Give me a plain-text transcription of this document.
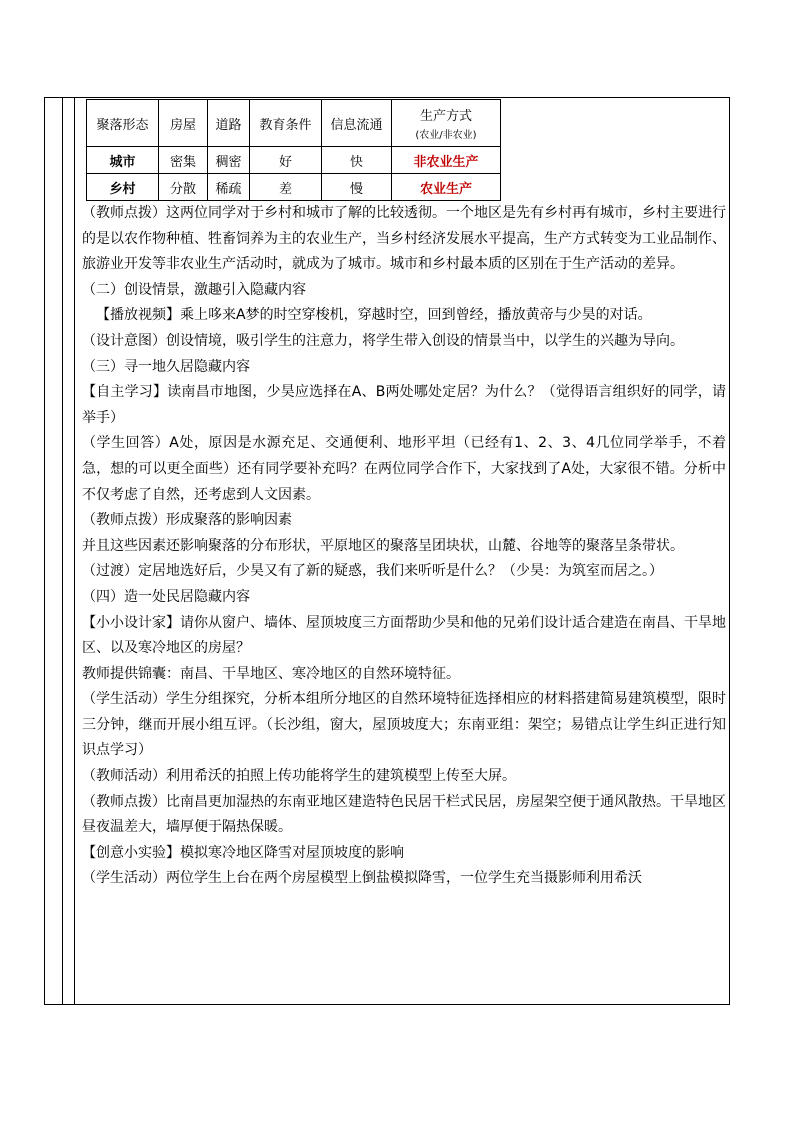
聚落形态	房屋	道路	教育条件	信息流通	生产方式
(农业/非农业)

城市	密集	稠密	好	快	非农业生产
乡村	分散	稀疏	差	慢	农业生产

（教师点拨）这两位同学对于乡村和城市了解的比较透彻。一个地区是先有乡村再有城市，乡村主要进行的是以农作物种植、牲畜饲养为主的农业生产，当乡村经济发展水平提高，生产方式转变为工业品制作、旅游业开发等非农业生产活动时，就成为了城市。城市和乡村最本质的区别在于生产活动的差异。

（二）创设情景，激趣引入隐藏内容

【播放视频】乘上哆来A梦的时空穿梭机，穿越时空，回到曾经，播放黄帝与少昊的对话。

（设计意图）创设情境，吸引学生的注意力，将学生带入创设的情景当中，以学生的兴趣为导向。

（三）寻一地久居隐藏内容

【自主学习】读南昌市地图，少昊应选择在A、B两处哪处定居？为什么？（觉得语言组织好的同学，请举手）

（学生回答）A处，原因是水源充足、交通便利、地形平坦（已经有1、2、3、4几位同学举手，不着急，想的可以更全面些）还有同学要补充吗？在两位同学合作下，大家找到了A处，大家很不错。分析中不仅考虑了自然，还考虑到人文因素。

（教师点拨）形成聚落的影响因素

并且这些因素还影响聚落的分布形状，平原地区的聚落呈团块状，山麓、谷地等的聚落呈条带状。

（过渡）定居地选好后，少昊又有了新的疑惑，我们来听听是什么？（少昊：为筑室而居之。）

（四）造一处民居隐藏内容

【小小设计家】请你从窗户、墙体、屋顶坡度三方面帮助少昊和他的兄弟们设计适合建造在南昌、干旱地区、以及寒冷地区的房屋？

教师提供锦囊：南昌、干旱地区、寒冷地区的自然环境特征。

（学生活动）学生分组探究，分析本组所分地区的自然环境特征选择相应的材料搭建简易建筑模型，限时三分钟，继而开展小组互评。（长沙组，窗大，屋顶坡度大；东南亚组：架空；易错点让学生纠正进行知识点学习）

（教师活动）利用希沃的拍照上传功能将学生的建筑模型上传至大屏。

（教师点拨）比南昌更加湿热的东南亚地区建造特色民居干栏式民居，房屋架空便于通风散热。干旱地区昼夜温差大，墙厚便于隔热保暖。

【创意小实验】模拟寒冷地区降雪对屋顶坡度的影响

（学生活动）两位学生上台在两个房屋模型上倒盐模拟降雪，一位学生充当摄影师利用希沃
